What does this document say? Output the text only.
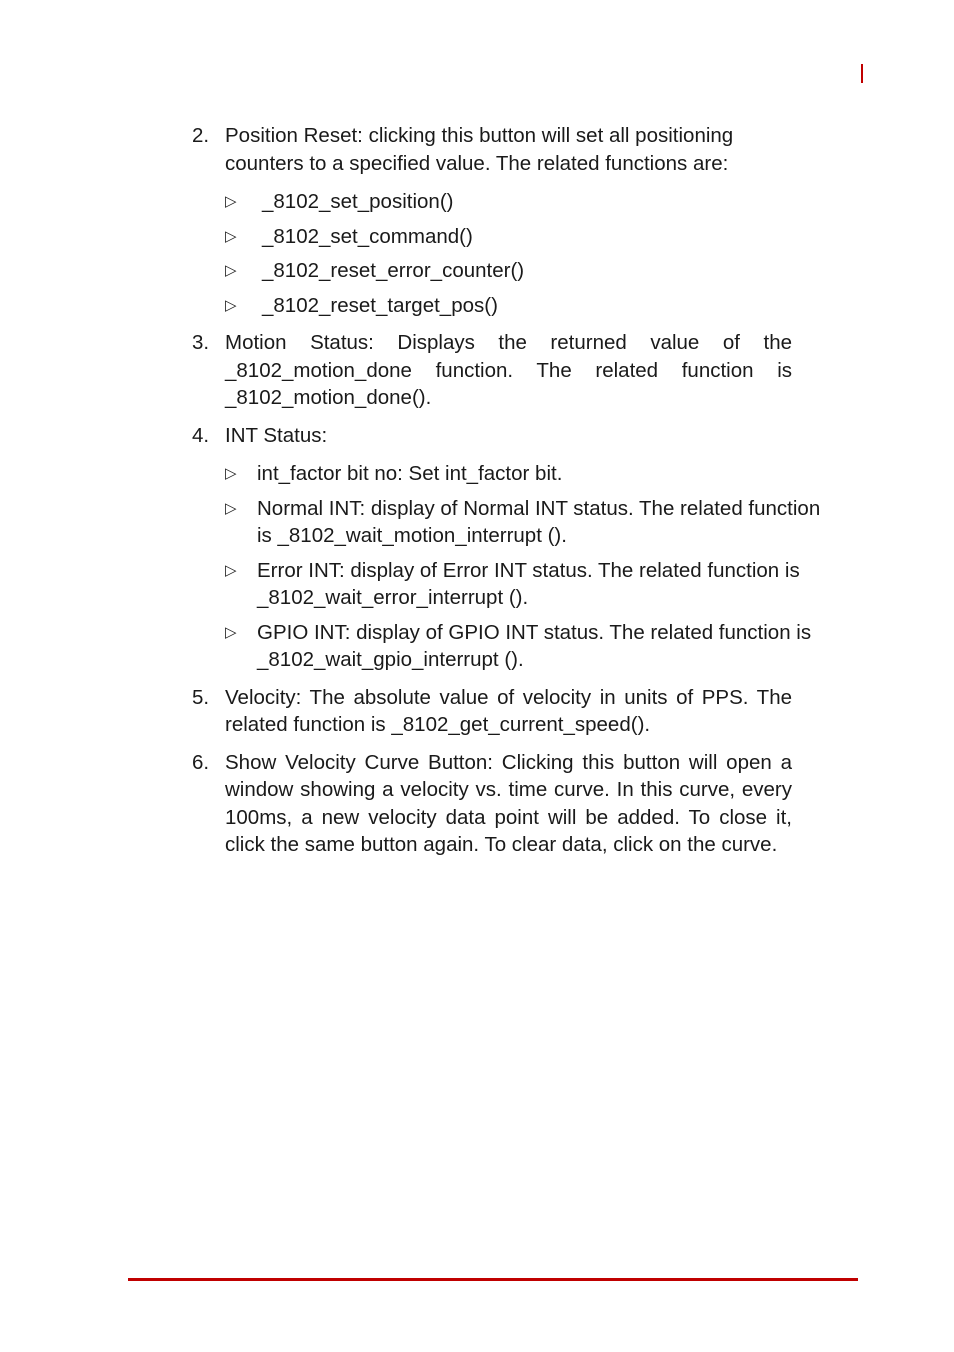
2. Position Reset: clicking this button will set all positioning
counters to a specified value. The related functions are:
▷	_8102_set_position()
▷	_8102_set_command()
▷	_8102_reset_error_counter()
▷	_8102_reset_target_pos()
3. Motion Status: Displays the returned value of the _8102_motion_done function. The related function is _8102_motion_done().
4. INT Status:
▷ int_factor bit no: Set int_factor bit.
▷ Normal INT: display of Normal INT status. The related function is _8102_wait_motion_interrupt ().
▷ Error INT: display of Error INT status. The related function is _8102_wait_error_interrupt ().
▷ GPIO INT: display of GPIO INT status. The related function is _8102_wait_gpio_interrupt ().
5. Velocity: The absolute value of velocity in units of PPS. The related function is _8102_get_current_speed().
6. Show Velocity Curve Button: Clicking this button will open a window showing a velocity vs. time curve. In this curve, every 100ms, a new velocity data point will be added. To close it, click the same button again. To clear data, click on the curve.
